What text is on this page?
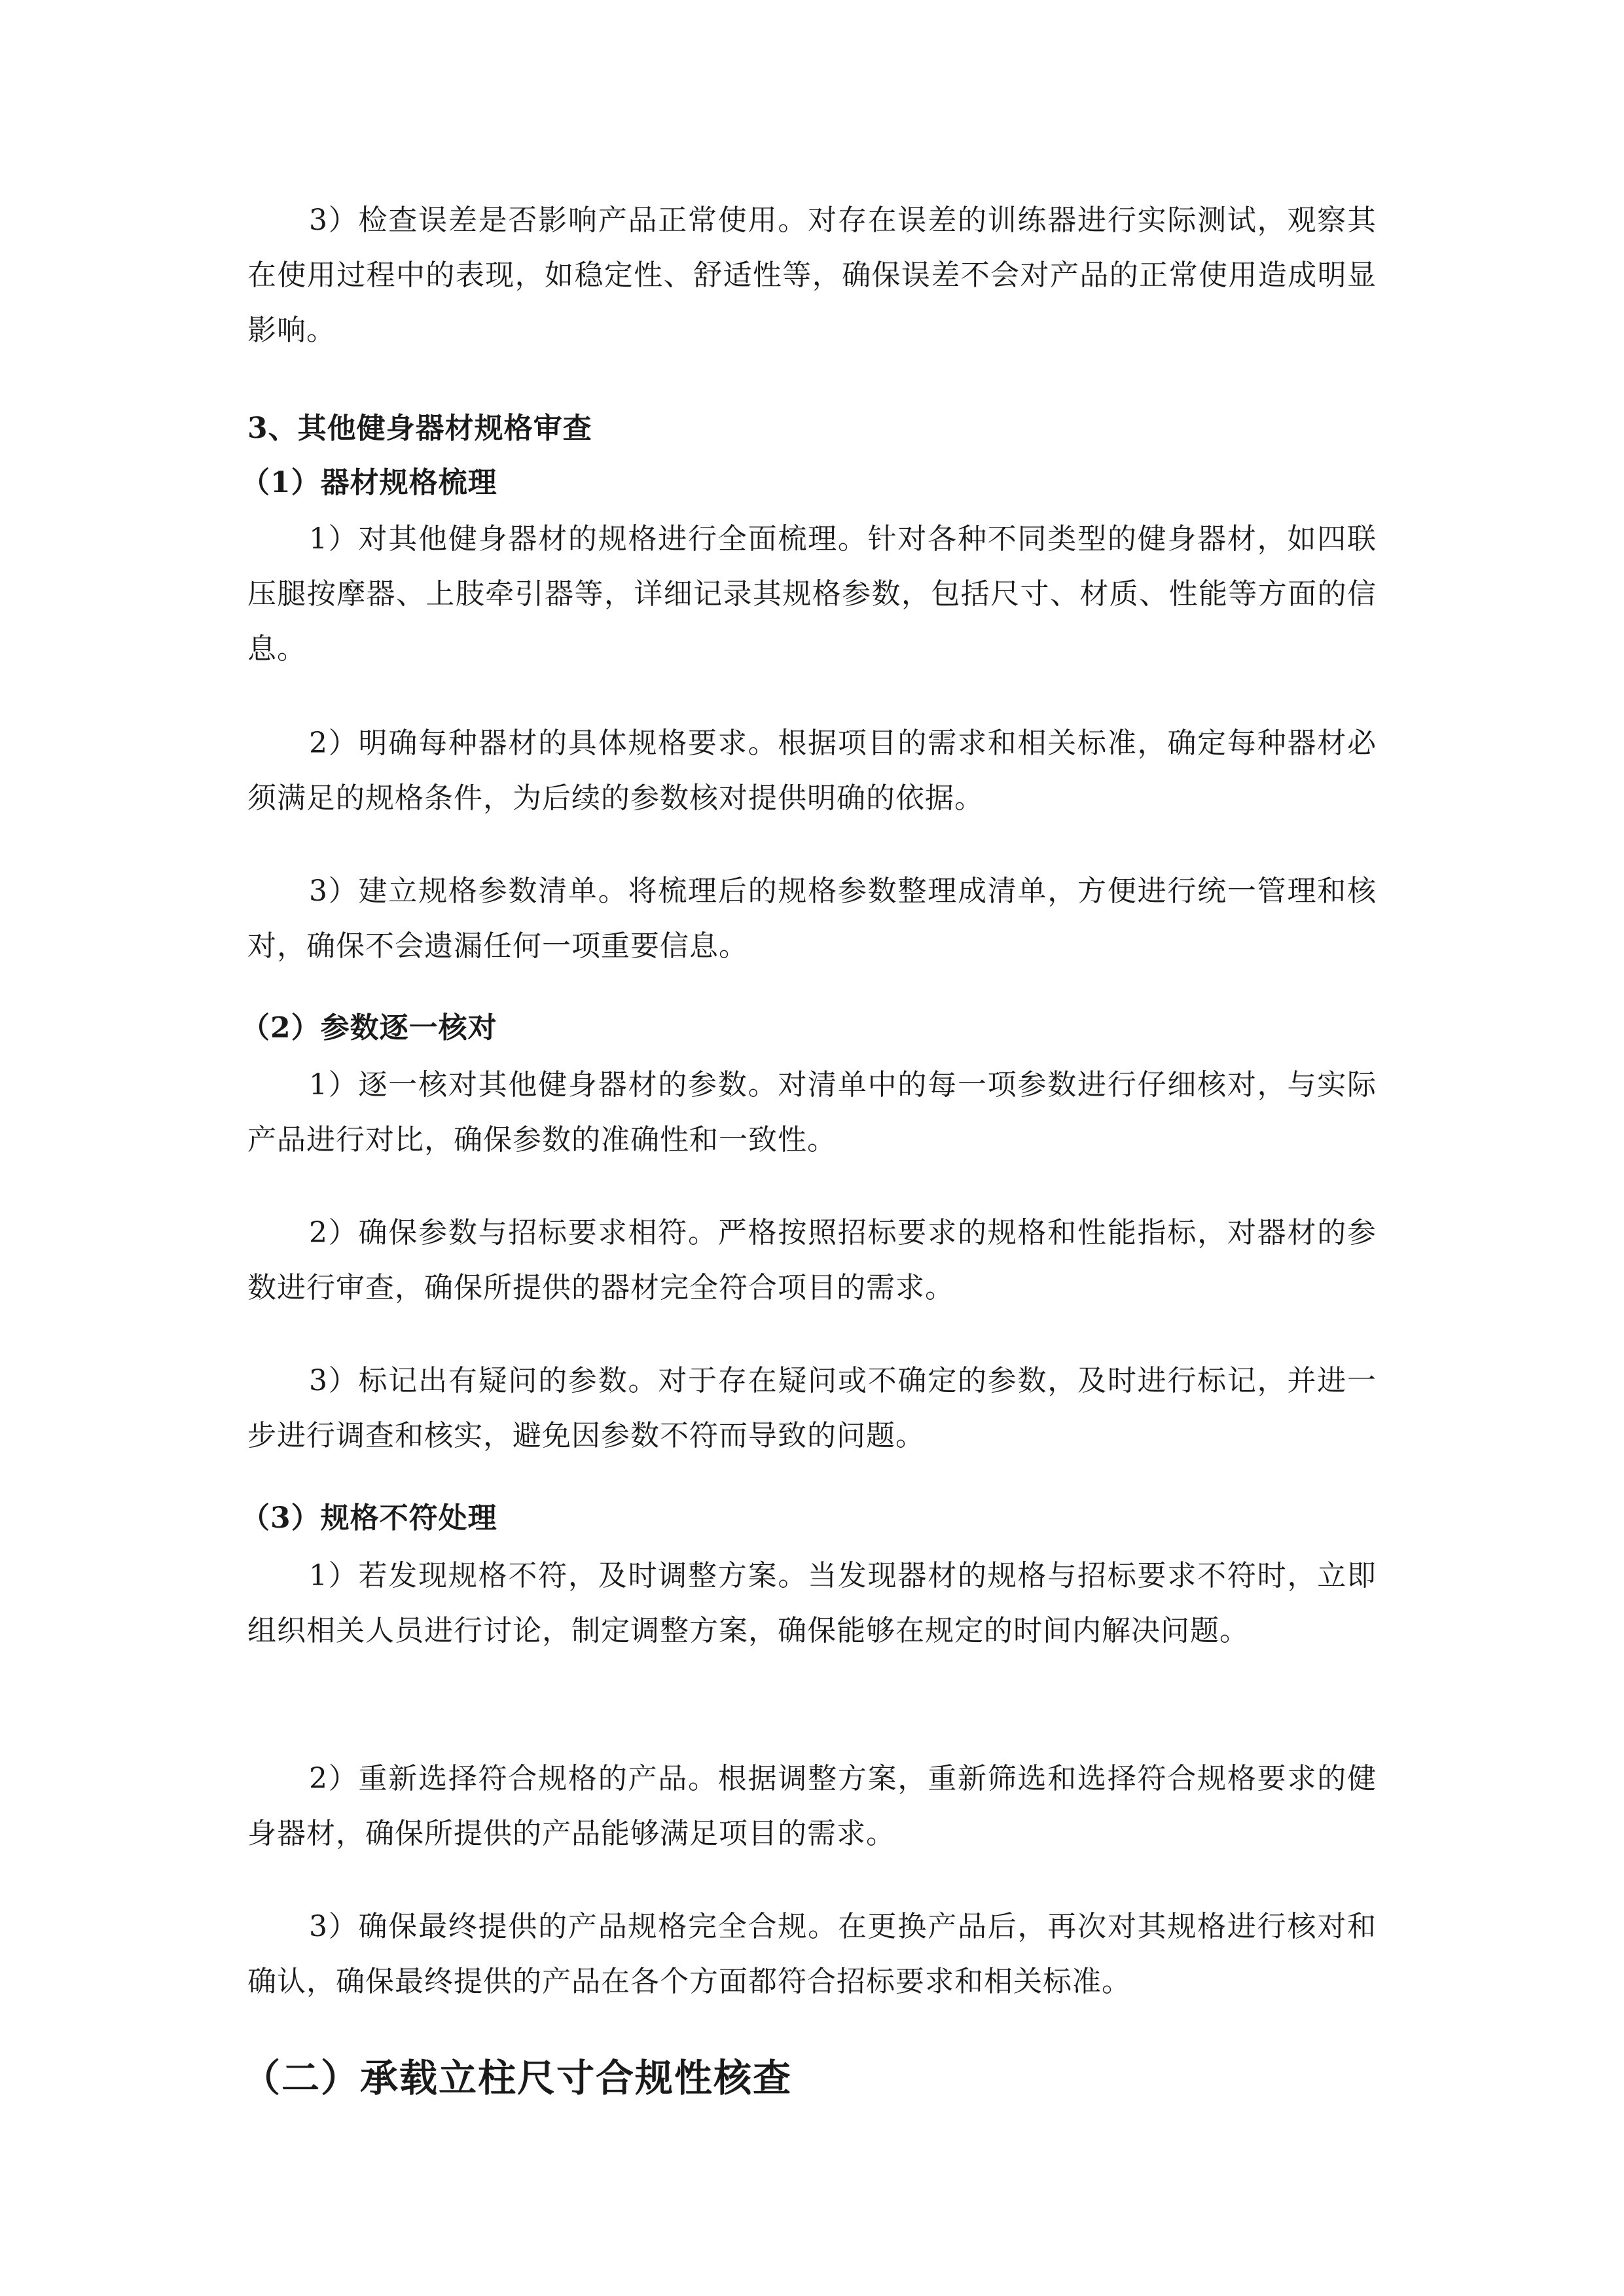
3）检查误差是否影响产品正常使用。对存在误差的训练器进行实际测试，观察其在使用过程中的表现，如稳定性、舒适性等，确保误差不会对产品的正常使用造成明显影响。

3、其他健身器材规格审查
（1）器材规格梳理

1）对其他健身器材的规格进行全面梳理。针对各种不同类型的健身器材，如四联压腿按摩器、上肢牵引器等，详细记录其规格参数，包括尺寸、材质、性能等方面的信息。

2）明确每种器材的具体规格要求。根据项目的需求和相关标准，确定每种器材必须满足的规格条件，为后续的参数核对提供明确的依据。

3）建立规格参数清单。将梳理后的规格参数整理成清单，方便进行统一管理和核对，确保不会遗漏任何一项重要信息。

（2）参数逐一核对

1）逐一核对其他健身器材的参数。对清单中的每一项参数进行仔细核对，与实际产品进行对比，确保参数的准确性和一致性。

2）确保参数与招标要求相符。严格按照招标要求的规格和性能指标，对器材的参数进行审查，确保所提供的器材完全符合项目的需求。

3）标记出有疑问的参数。对于存在疑问或不确定的参数，及时进行标记，并进一步进行调查和核实，避免因参数不符而导致的问题。

（3）规格不符处理

1）若发现规格不符，及时调整方案。当发现器材的规格与招标要求不符时，立即组织相关人员进行讨论，制定调整方案，确保能够在规定的时间内解决问题。

2）重新选择符合规格的产品。根据调整方案，重新筛选和选择符合规格要求的健身器材，确保所提供的产品能够满足项目的需求。

3）确保最终提供的产品规格完全合规。在更换产品后，再次对其规格进行核对和确认，确保最终提供的产品在各个方面都符合招标要求和相关标准。

（二）承载立柱尺寸合规性核查
